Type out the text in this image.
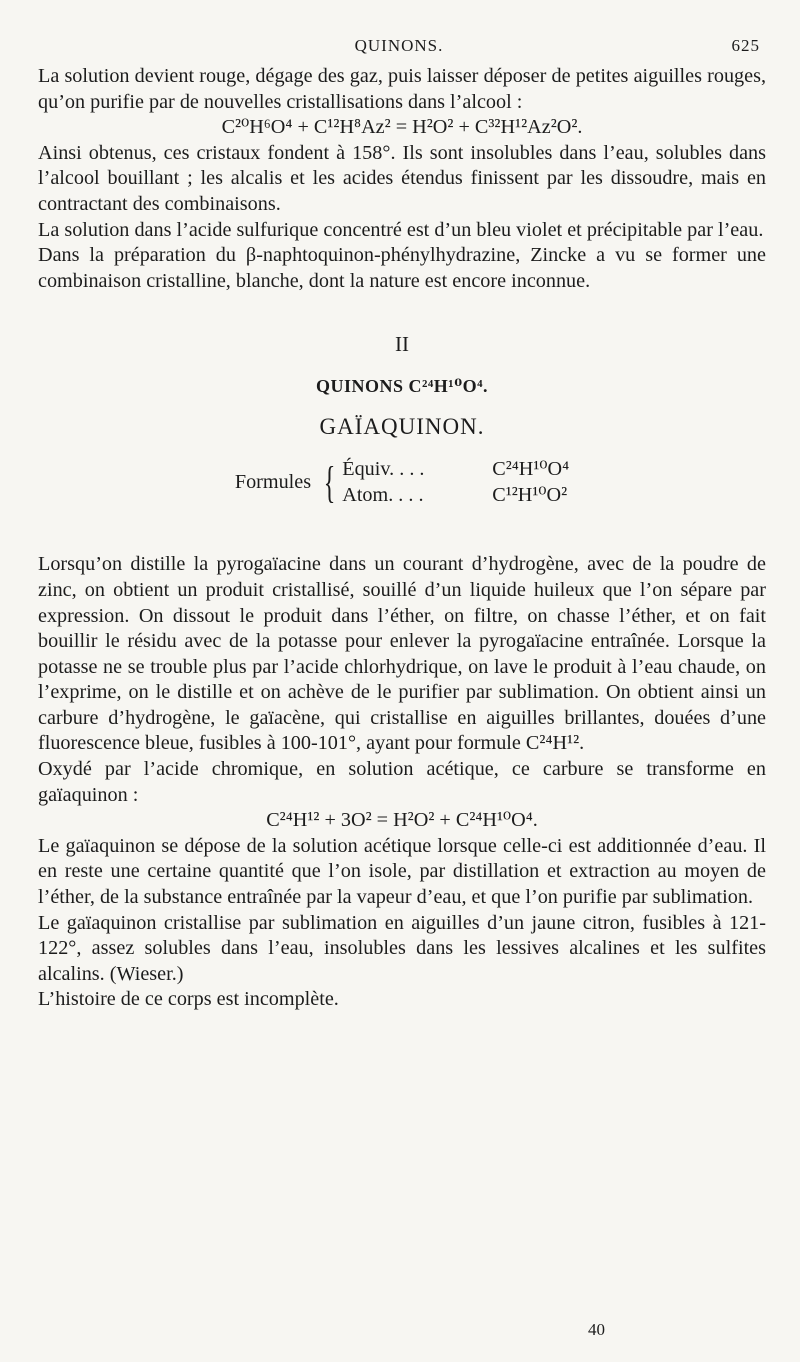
QUINONS.	625

La solution devient rouge, dégage des gaz, puis laisser déposer de petites aiguilles rouges, qu’on purifie par de nouvelles cristallisations dans l’alcool :

C²⁰H⁶O⁴ + C¹²H⁸Az² = H²O² + C³²H¹²Az²O².

Ainsi obtenus, ces cristaux fondent à 158°. Ils sont insolubles dans l’eau, solubles dans l’alcool bouillant ; les alcalis et les acides étendus finissent par les dissoudre, mais en contractant des combinaisons.

La solution dans l’acide sulfurique concentré est d’un bleu violet et précipitable par l’eau.

Dans la préparation du β-naphtoquinon-phénylhydrazine, Zincke a vu se former une combinaison cristalline, blanche, dont la nature est encore inconnue.

II
QUINONS C²⁴H¹⁰O⁴.
GAÏAQUINON.
Formules { Équiv. . . .	C²⁴H¹⁰O⁴
Atom. . . .	C¹²H¹⁰O²

Lorsqu’on distille la pyrogaïacine dans un courant d’hydrogène, avec de la poudre de zinc, on obtient un produit cristallisé, souillé d’un liquide huileux que l’on sépare par expression. On dissout le produit dans l’éther, on filtre, on chasse l’éther, et on fait bouillir le résidu avec de la potasse pour enlever la pyrogaïacine entraînée. Lorsque la potasse ne se trouble plus par l’acide chlorhydrique, on lave le produit à l’eau chaude, on l’exprime, on le distille et on achève de le purifier par sublimation. On obtient ainsi un carbure d’hydrogène, le gaïacène, qui cristallise en aiguilles brillantes, douées d’une fluorescence bleue, fusibles à 100-101°, ayant pour formule C²⁴H¹².

Oxydé par l’acide chromique, en solution acétique, ce carbure se transforme en gaïaquinon :

C²⁴H¹² + 3O² = H²O² + C²⁴H¹⁰O⁴.

Le gaïaquinon se dépose de la solution acétique lorsque celle-ci est additionnée d’eau. Il en reste une certaine quantité que l’on isole, par distillation et extraction au moyen de l’éther, de la substance entraînée par la vapeur d’eau, et que l’on purifie par sublimation.

Le gaïaquinon cristallise par sublimation en aiguilles d’un jaune citron, fusibles à 121-122°, assez solubles dans l’eau, insolubles dans les lessives alcalines et les sulfites alcalins. (Wieser.)

L’histoire de ce corps est incomplète.

40
